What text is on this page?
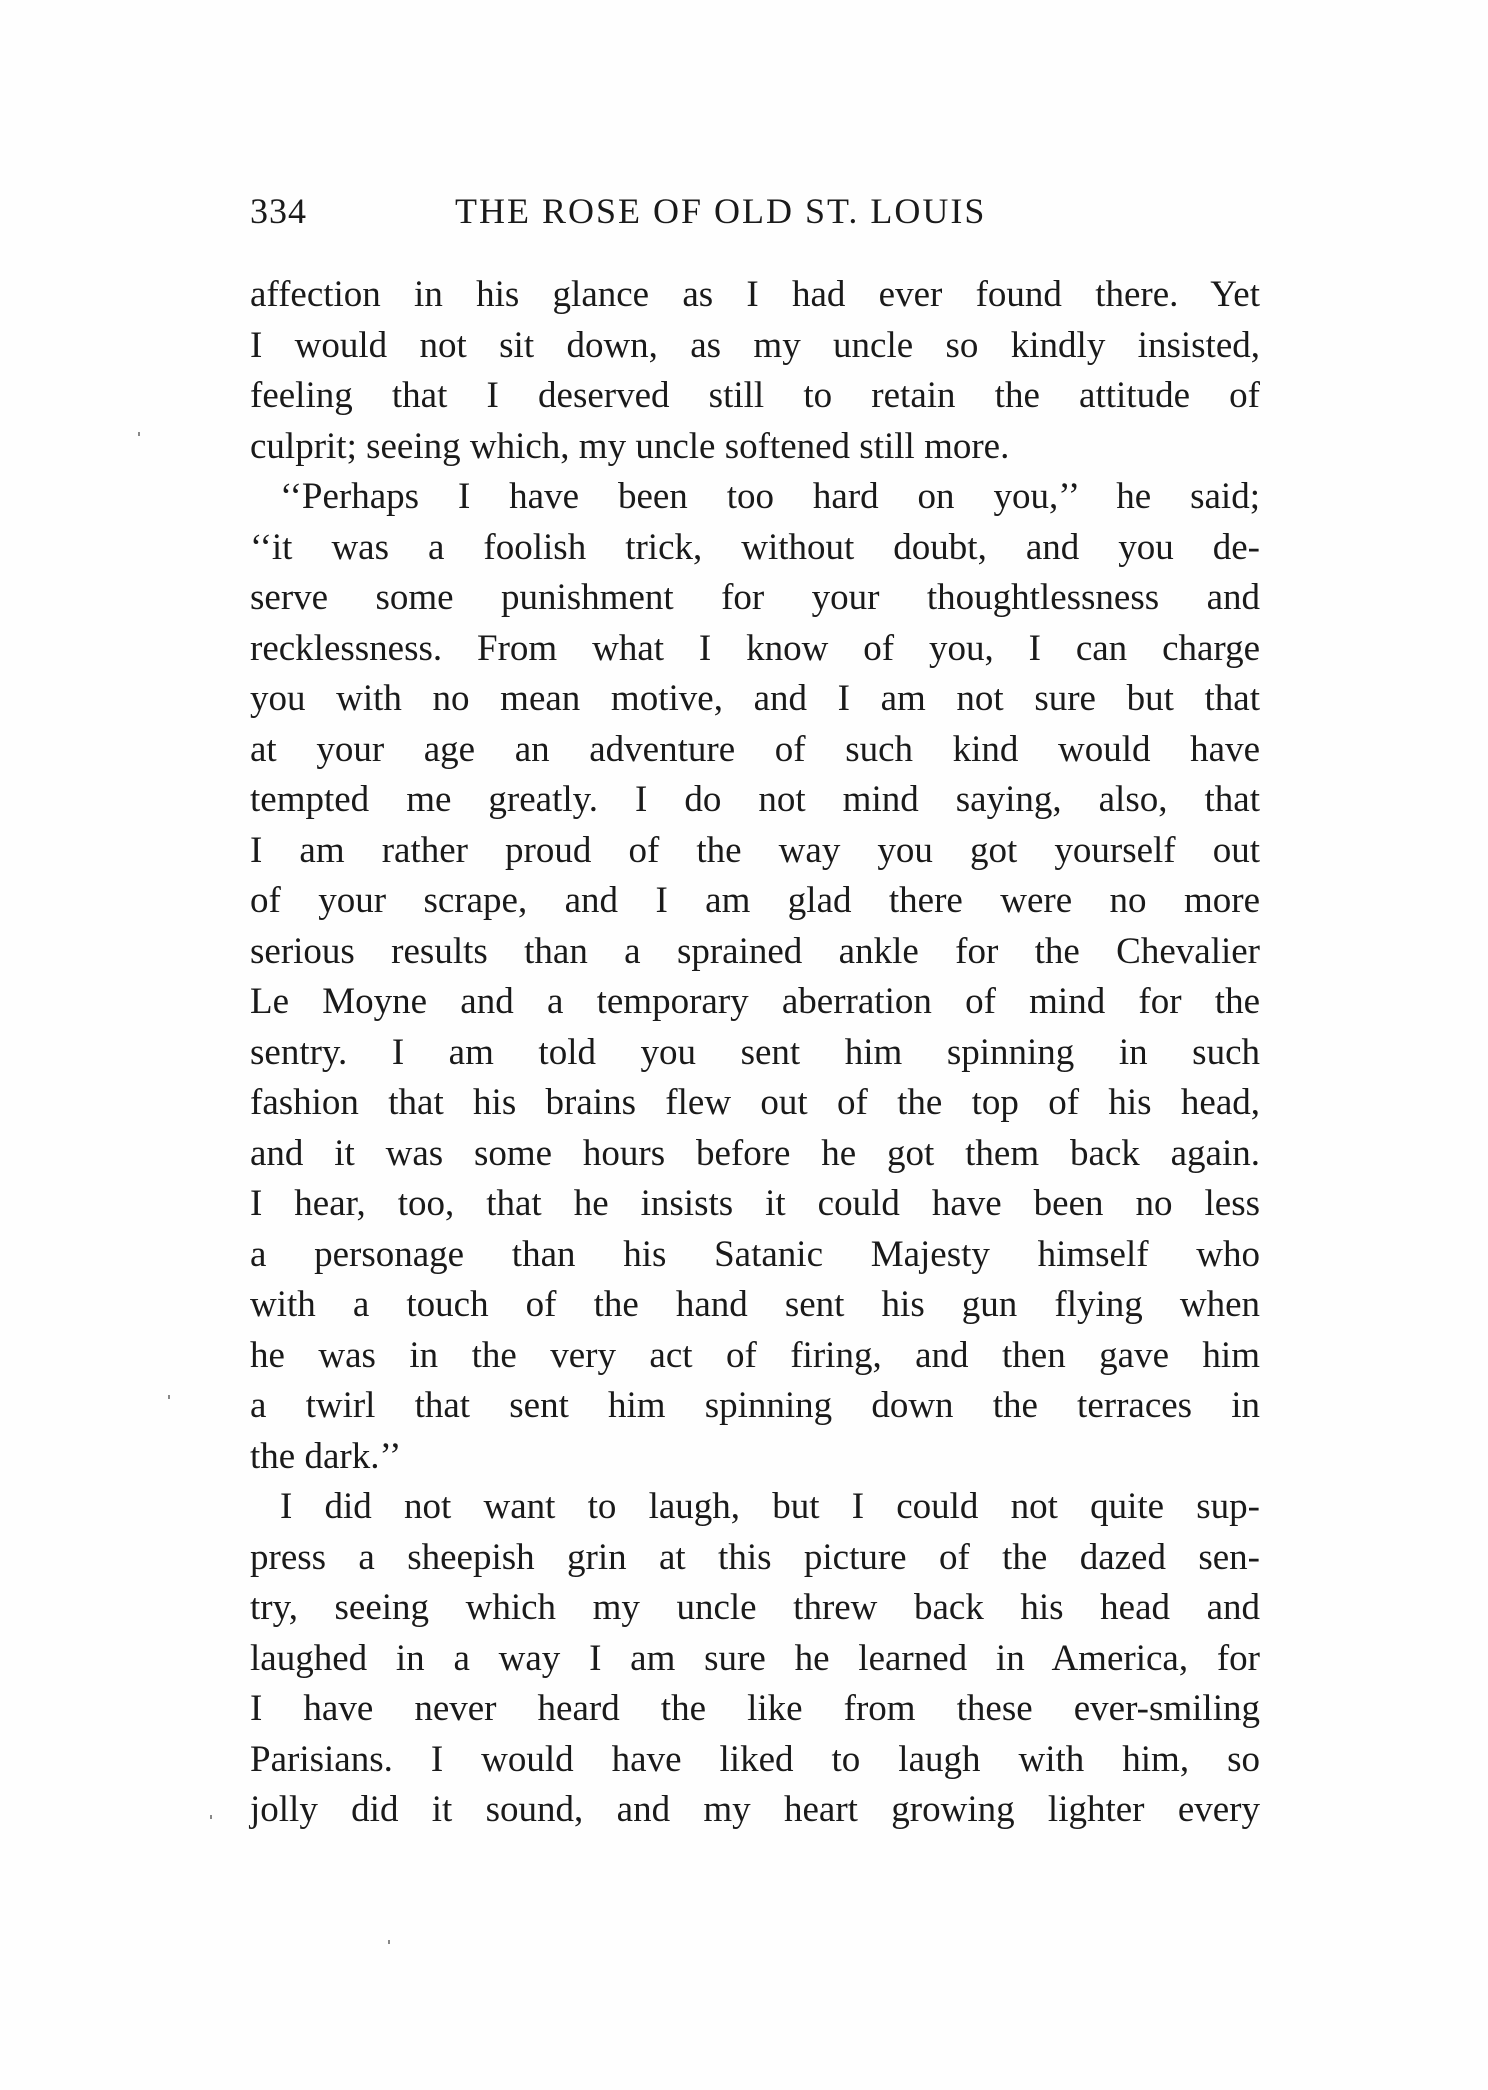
334	THE ROSE OF OLD ST. LOUIS
affection in his glance as I had ever found there. Yet
I would not sit down, as my uncle so kindly insisted,
feeling that I deserved still to retain the attitude of
culprit; seeing which, my uncle softened still more.
‘‘Perhaps I have been too hard on you,’’ he said;
‘‘it was a foolish trick, without doubt, and you de-
serve some punishment for your thoughtlessness and
recklessness. From what I know of you, I can charge
you with no mean motive, and I am not sure but that
at your age an adventure of such kind would have
tempted me greatly. I do not mind saying, also, that
I am rather proud of the way you got yourself out
of your scrape, and I am glad there were no more
serious results than a sprained ankle for the Chevalier
Le Moyne and a temporary aberration of mind for the
sentry. I am told you sent him spinning in such
fashion that his brains flew out of the top of his head,
and it was some hours before he got them back again.
I hear, too, that he insists it could have been no less
a personage than his Satanic Majesty himself who
with a touch of the hand sent his gun flying when
he was in the very act of firing, and then gave him
a twirl that sent him spinning down the terraces in
the dark.’’
I did not want to laugh, but I could not quite sup-
press a sheepish grin at this picture of the dazed sen-
try, seeing which my uncle threw back his head and
laughed in a way I am sure he learned in America, for
I have never heard the like from these ever-smiling
Parisians. I would have liked to laugh with him, so
jolly did it sound, and my heart growing lighter every
